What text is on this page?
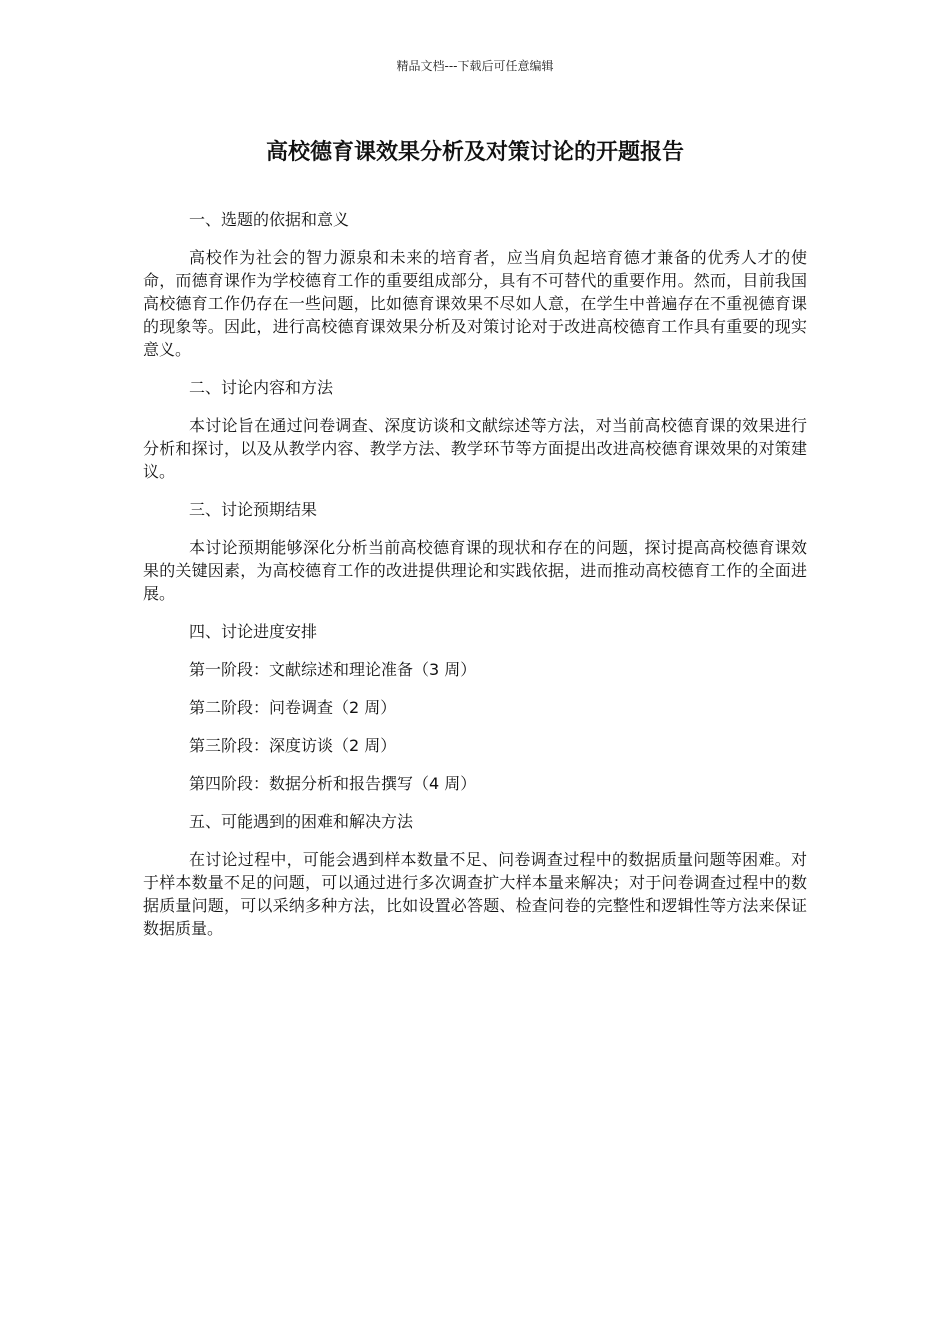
精品文档---下载后可任意编辑
高校德育课效果分析及对策讨论的开题报告
一、选题的依据和意义
高校作为社会的智力源泉和未来的培育者，应当肩负起培育德才兼备的优秀人才的使命，而德育课作为学校德育工作的重要组成部分，具有不可替代的重要作用。然而，目前我国高校德育工作仍存在一些问题，比如德育课效果不尽如人意，在学生中普遍存在不重视德育课的现象等。因此，进行高校德育课效果分析及对策讨论对于改进高校德育工作具有重要的现实意义。
二、讨论内容和方法
本讨论旨在通过问卷调查、深度访谈和文献综述等方法，对当前高校德育课的效果进行分析和探讨，以及从教学内容、教学方法、教学环节等方面提出改进高校德育课效果的对策建议。
三、讨论预期结果
本讨论预期能够深化分析当前高校德育课的现状和存在的问题，探讨提高高校德育课效果的关键因素，为高校德育工作的改进提供理论和实践依据，进而推动高校德育工作的全面进展。
四、讨论进度安排
第一阶段：文献综述和理论准备（3 周）
第二阶段：问卷调查（2 周）
第三阶段：深度访谈（2 周）
第四阶段：数据分析和报告撰写（4 周）
五、可能遇到的困难和解决方法
在讨论过程中，可能会遇到样本数量不足、问卷调查过程中的数据质量问题等困难。对于样本数量不足的问题，可以通过进行多次调查扩大样本量来解决；对于问卷调查过程中的数据质量问题，可以采纳多种方法，比如设置必答题、检查问卷的完整性和逻辑性等方法来保证数据质量。
